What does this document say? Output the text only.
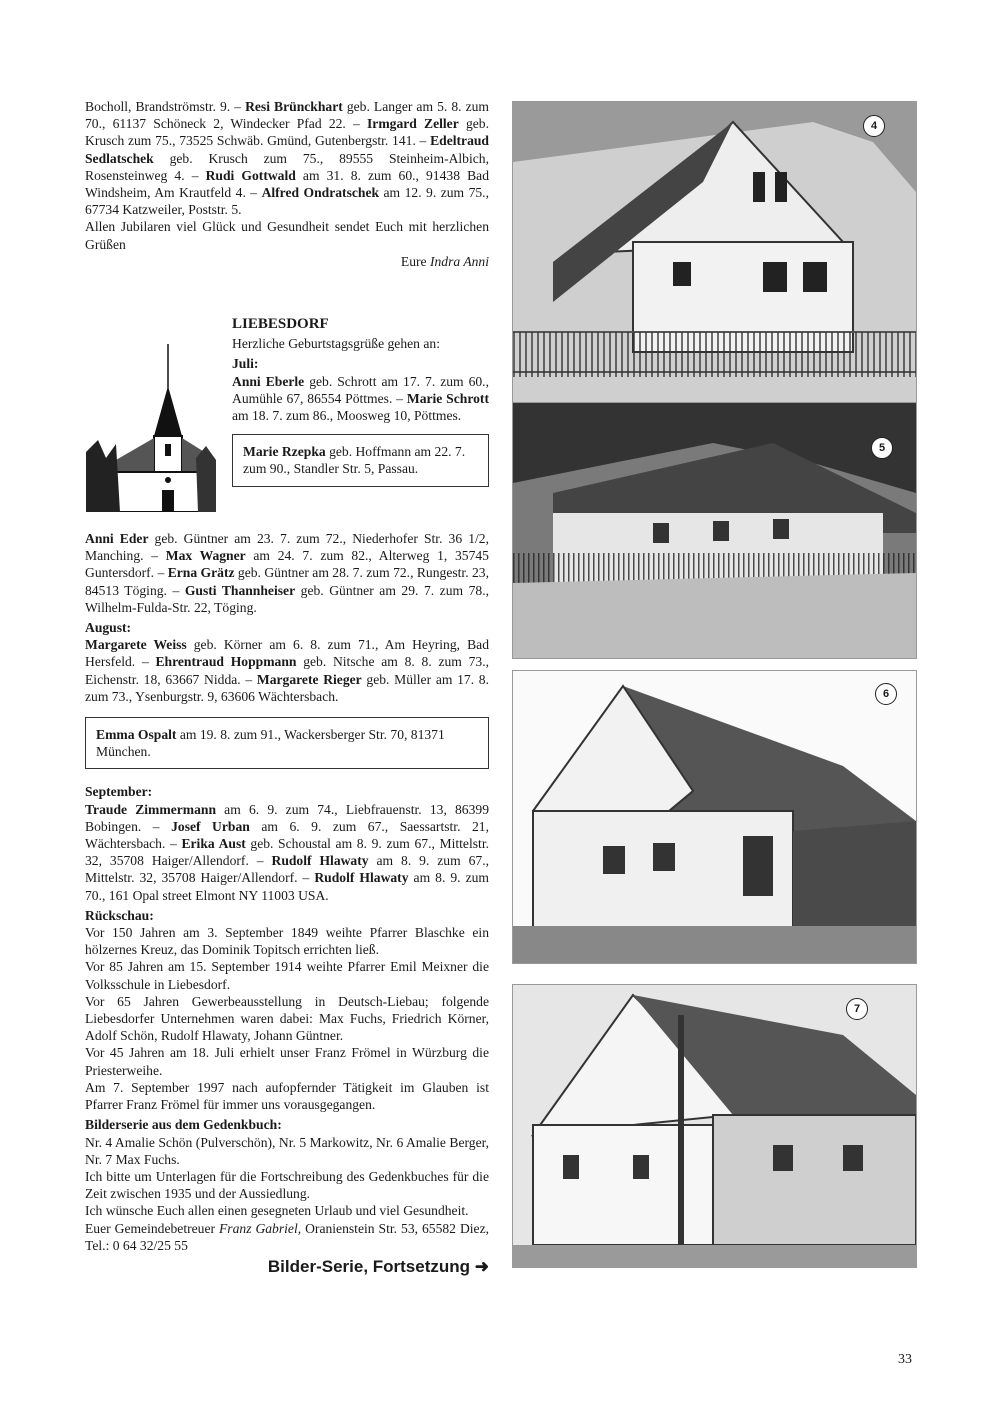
Bocholl, Brandströmstr. 9. – Resi Brünckhart geb. Langer am 5. 8. zum 70., 61137 Schöneck 2, Windecker Pfad 22. – Irmgard Zeller geb. Krusch zum 75., 73525 Schwäb. Gmünd, Gutenbergstr. 141. – Edeltraud Sedlatschek geb. Krusch zum 75., 89555 Steinheim-Albich, Rosensteinweg 4. – Rudi Gottwald am 31. 8. zum 60., 91438 Bad Windsheim, Am Krautfeld 4. – Alfred Ondratschek am 12. 9. zum 75., 67734 Katzweiler, Poststr. 5.

Allen Jubilaren viel Glück und Gesundheit sendet Euch mit herzlichen Grüßen

Eure Indra Anni

LIEBESDORF

Herzliche Geburtstagsgrüße gehen an:

Juli:

Anni Eberle geb. Schrott am 17. 7. zum 60., Aumühle 67, 86554 Pöttmes. – Marie Schrott am 18. 7. zum 86., Moosweg 10, Pöttmes.

Marie Rzepka geb. Hoffmann am 22. 7. zum 90., Standler Str. 5, Passau.

Anni Eder geb. Güntner am 23. 7. zum 72., Niederhofer Str. 36 1/2, Manching. – Max Wagner am 24. 7. zum 82., Alterweg 1, 35745 Guntersdorf. – Erna Grätz geb. Güntner am 28. 7. zum 72., Rungestr. 23, 84513 Töging. – Gusti Thannheiser geb. Güntner am 29. 7. zum 78., Wilhelm-Fulda-Str. 22, Töging.

August:

Margarete Weiss geb. Körner am 6. 8. zum 71., Am Heyring, Bad Hersfeld. – Ehrentraud Hoppmann geb. Nitsche am 8. 8. zum 73., Eichenstr. 18, 63667 Nidda. – Margarete Rieger geb. Müller am 17. 8. zum 73., Ysenburgstr. 9, 63606 Wächtersbach.

Emma Ospalt am 19. 8. zum 91., Wackersberger Str. 70, 81371 München.
September:

Traude Zimmermann am 6. 9. zum 74., Liebfrauenstr. 13, 86399 Bobingen. – Josef Urban am 6. 9. zum 67., Saessartstr. 21, Wächtersbach. – Erika Aust geb. Schoustal am 8. 9. zum 67., Mittelstr. 32, 35708 Haiger/Allendorf. – Rudolf Hlawaty am 8. 9. zum 67., Mittelstr. 32, 35708 Haiger/Allendorf. – Rudolf Hlawaty am 8. 9. zum 70., 161 Opal street Elmont NY 11003 USA.

Rückschau:

Vor 150 Jahren am 3. September 1849 weihte Pfarrer Blaschke ein hölzernes Kreuz, das Dominik Topitsch errichten ließ.

Vor 85 Jahren am 15. September 1914 weihte Pfarrer Emil Meixner die Volksschule in Liebesdorf.

Vor 65 Jahren Gewerbeausstellung in Deutsch-Liebau; folgende Liebesdorfer Unternehmen waren dabei: Max Fuchs, Friedrich Körner, Adolf Schön, Rudolf Hlawaty, Johann Güntner.

Vor 45 Jahren am 18. Juli erhielt unser Franz Frömel in Würzburg die Priesterweihe.

Am 7. September 1997 nach aufopfernder Tätigkeit im Glauben ist Pfarrer Franz Frömel für immer uns vorausgegangen.

Bilderserie aus dem Gedenkbuch:

Nr. 4 Amalie Schön (Pulverschön), Nr. 5 Markowitz, Nr. 6 Amalie Berger, Nr. 7 Max Fuchs.

Ich bitte um Unterlagen für die Fortschreibung des Gedenkbuches für die Zeit zwischen 1935 und der Aussiedlung.

Ich wünsche Euch allen einen gesegneten Urlaub und viel Gesundheit.

Euer Gemeindebetreuer Franz Gabriel, Oranienstein Str. 53, 65582 Diez, Tel.: 0 64 32/25 55

Bilder-Serie, Fortsetzung ➜
4
5
6
7
33
